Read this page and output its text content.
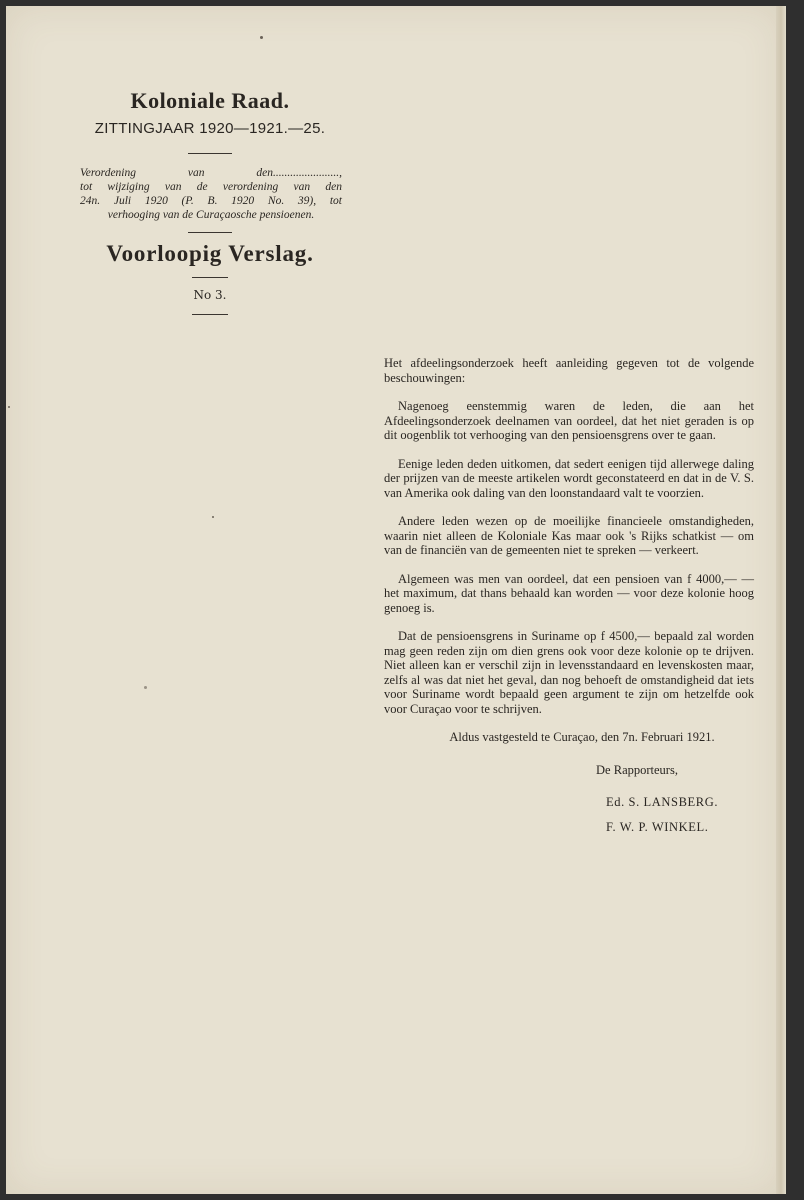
Koloniale Raad.
ZITTINGJAAR 1920—1921.—25.
Verordening van den.......................,
tot wijziging van de verordening van den
24n. Juli 1920 (P. B. 1920 No. 39), tot
verhooging van de Curaçaosche pensioenen.
Voorloopig Verslag.
No 3.

Het afdeelingsonderzoek heeft aanleiding gegeven tot de volgende beschouwingen:

Nagenoeg eenstemmig waren de leden, die aan het Afdeelingsonderzoek deelnamen van oordeel, dat het niet geraden is op dit oogenblik tot verhooging van den pensioensgrens over te gaan.

Eenige leden deden uitkomen, dat sedert eenigen tijd allerwege daling der prijzen van de meeste artikelen wordt geconstateerd en dat in de V. S. van Amerika ook daling van den loonstandaard valt te voorzien.

Andere leden wezen op de moeilijke financieele omstandigheden, waarin niet alleen de Koloniale Kas maar ook 's Rijks schatkist — om van de financiën van de gemeenten niet te spreken — verkeert.

Algemeen was men van oordeel, dat een pensioen van f 4000,— — het maximum, dat thans behaald kan worden — voor deze kolonie hoog genoeg is.

Dat de pensioensgrens in Suriname op f 4500,— bepaald zal worden mag geen reden zijn om dien grens ook voor deze kolonie op te drijven. Niet alleen kan er verschil zijn in levensstandaard en levenskosten maar, zelfs al was dat niet het geval, dan nog behoeft de omstandigheid dat iets voor Suriname wordt bepaald geen argument te zijn om hetzelfde ook voor Curaçao voor te schrijven.

Aldus vastgesteld te Curaçao, den 7n. Februari 1921.

De Rapporteurs,

Ed. S. LANSBERG.

F. W. P. WINKEL.
